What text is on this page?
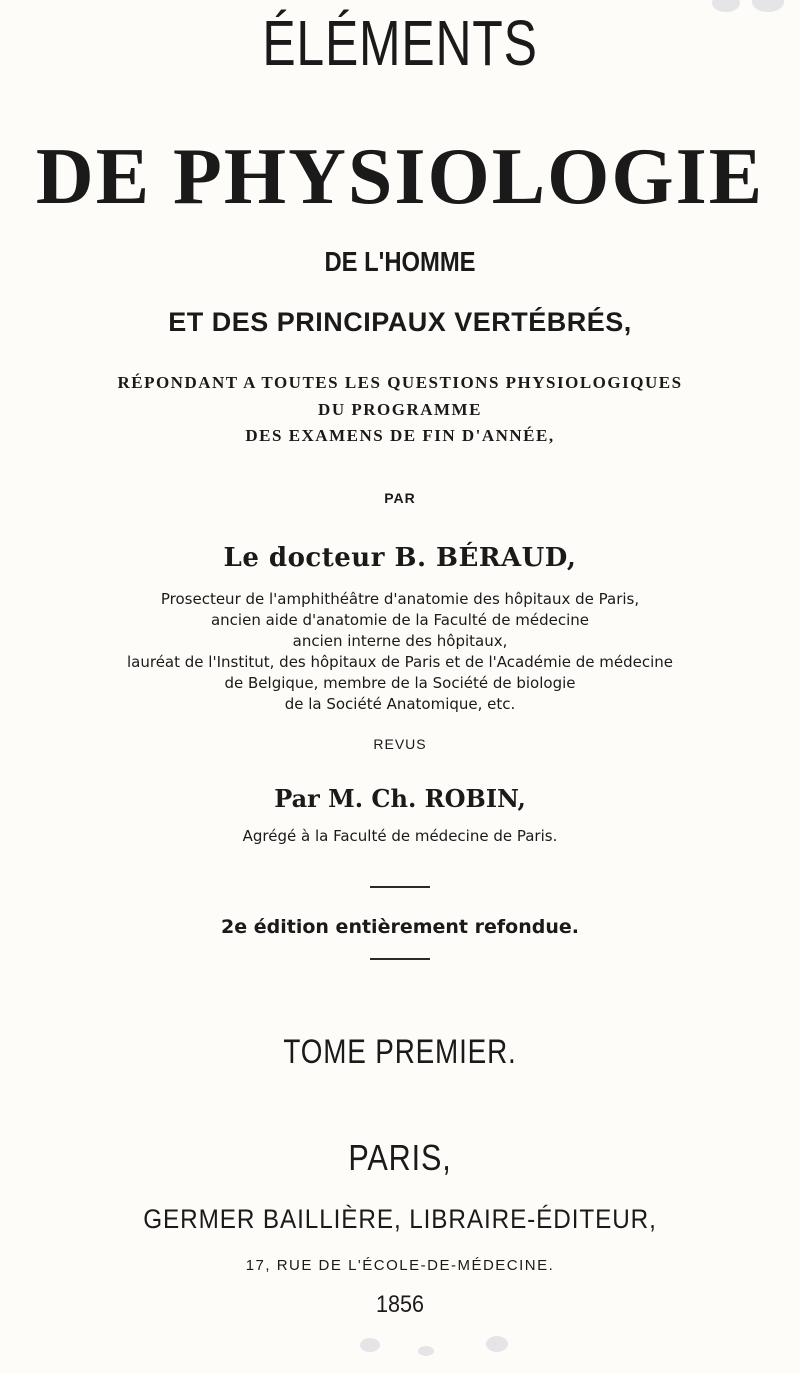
ÉLÉMENTS

DE PHYSIOLOGIE

DE L'HOMME

ET DES PRINCIPAUX VERTÉBRÉS,

RÉPONDANT A TOUTES LES QUESTIONS PHYSIOLOGIQUES

DU PROGRAMME

DES EXAMENS DE FIN D'ANNÉE,

PAR

Le docteur B. BÉRAUD,

Prosecteur de l'amphithéâtre d'anatomie des hôpitaux de Paris,

ancien aide d'anatomie de la Faculté de médecine

ancien interne des hôpitaux,

lauréat de l'Institut, des hôpitaux de Paris et de l'Académie de médecine

de Belgique, membre de la Société de biologie

de la Société Anatomique, etc.

REVUS

Par M. Ch. ROBIN,

Agrégé à la Faculté de médecine de Paris.

2e édition entièrement refondue.

TOME PREMIER.

PARIS,

GERMER BAILLIÈRE, LIBRAIRE-ÉDITEUR,

17, RUE DE L'ÉCOLE-DE-MÉDECINE.

1856
